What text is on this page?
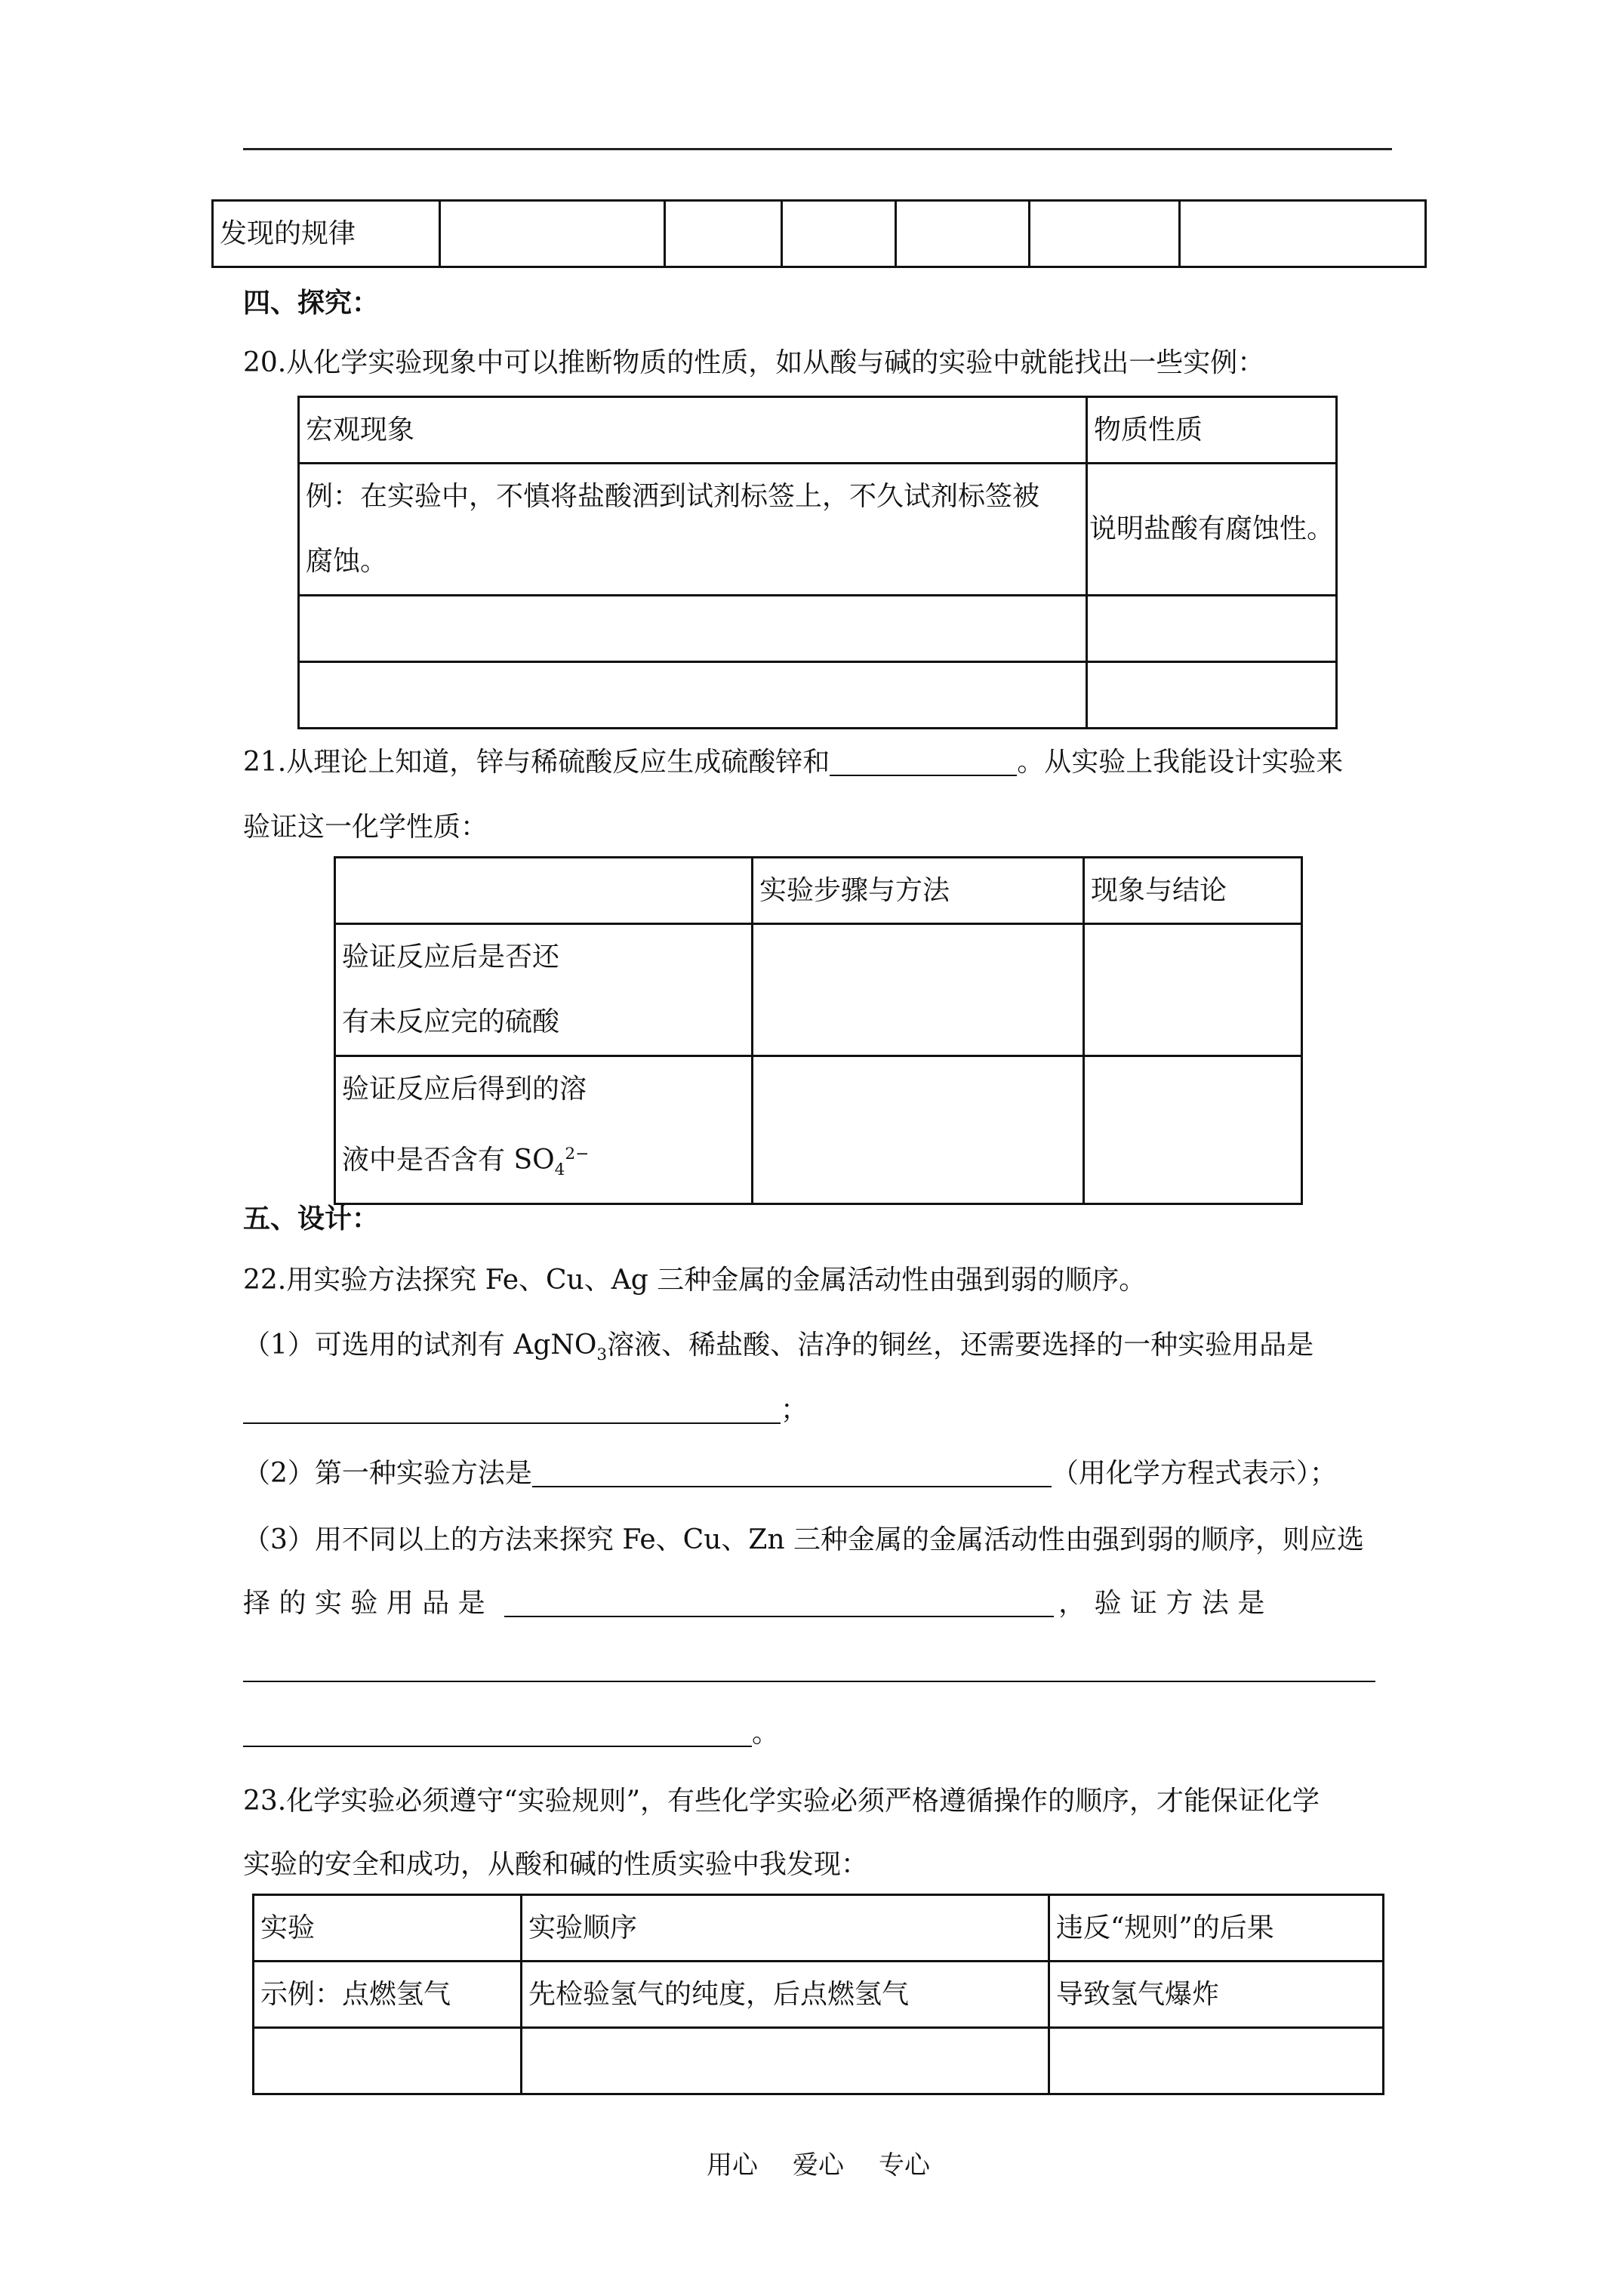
发现的规律						
四、探究：
20.从化学实验现象中可以推断物质的性质，如从酸与碱的实验中就能找出一些实例：
宏观现象	物质性质

例：在实验中，不慎将盐酸洒到试剂标签上，不久试剂标签被
腐蚀。	说明盐酸有腐蚀性。

21.从理论上知道，锌与稀硫酸反应生成硫酸锌和	。从实验上我能设计实验来
验证这一化学性质：
	实验步骤与方法	现象与结论

验证反应后是否还
有未反应完的硫酸		

验证反应后得到的溶
液中是否含有 $SO_4^{2-}$

五、设计：
22.用实验方法探究 Fe、Cu、Ag 三种金属的金属活动性由强到弱的顺序。
（1）可选用的试剂有 AgNO$_3$溶液、稀盐酸、洁净的铜丝，还需要选择的一种实验用品是
；
（2）第一种实验方法是	（用化学方程式表示）；
（3）用不同以上的方法来探究 Fe、Cu、Zn 三种金属的金属活动性由强到弱的顺序，则应选
择 的 实 验 用 品 是	， 验 证 方 法 是
。
23.化学实验必须遵守“实验规则”，有些化学实验必须严格遵循操作的顺序，才能保证化学
实验的安全和成功，从酸和碱的性质实验中我发现：
实验	实验顺序	违反“规则”的后果
示例：点燃氢气	先检验氢气的纯度，后点燃氢气	导致氢气爆炸

用心 爱心 专心
